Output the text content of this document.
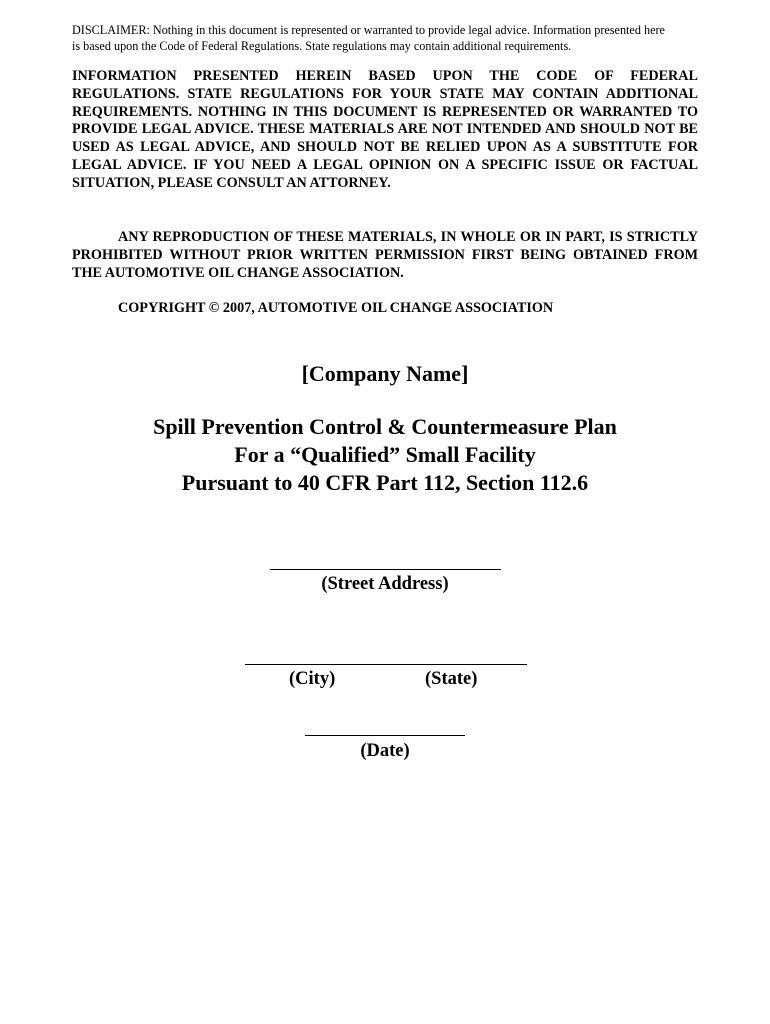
DISCLAIMER: Nothing in this document is represented or warranted to provide legal advice. Information presented here
is based upon the Code of Federal Regulations. State regulations may contain additional requirements.

INFORMATION PRESENTED HEREIN BASED UPON THE CODE OF FEDERAL REGULATIONS. STATE REGULATIONS FOR YOUR STATE MAY CONTAIN ADDITIONAL REQUIREMENTS. NOTHING IN THIS DOCUMENT IS REPRESENTED OR WARRANTED TO PROVIDE LEGAL ADVICE. THESE MATERIALS ARE NOT INTENDED AND SHOULD NOT BE USED AS LEGAL ADVICE, AND SHOULD NOT BE RELIED UPON AS A SUBSTITUTE FOR LEGAL ADVICE. IF YOU NEED A LEGAL OPINION ON A SPECIFIC ISSUE OR FACTUAL SITUATION, PLEASE CONSULT AN ATTORNEY.

ANY REPRODUCTION OF THESE MATERIALS, IN WHOLE OR IN PART, IS STRICTLY PROHIBITED WITHOUT PRIOR WRITTEN PERMISSION FIRST BEING OBTAINED FROM THE AUTOMOTIVE OIL CHANGE ASSOCIATION.

COPYRIGHT © 2007, AUTOMOTIVE OIL CHANGE ASSOCIATION

[Company Name]

Spill Prevention Control & Countermeasure Plan
For a “Qualified” Small Facility
Pursuant to 40 CFR Part 112, Section 112.6

(Street Address)

(City)	(State)

(Date)
